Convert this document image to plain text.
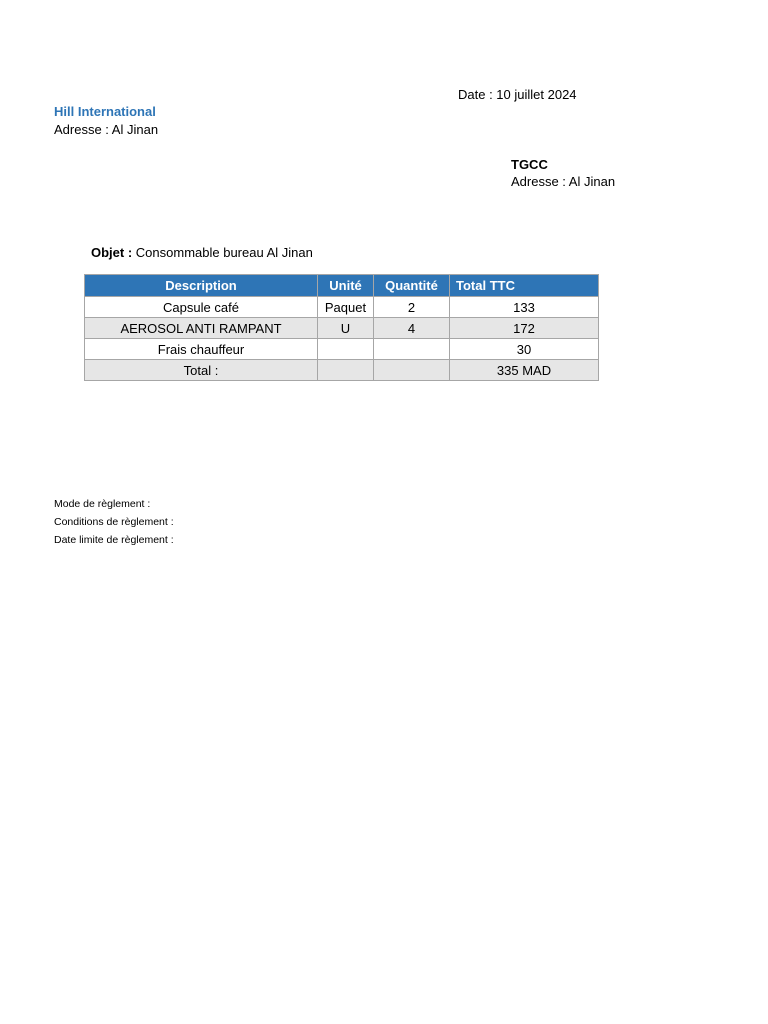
Date : 10 juillet 2024
Hill International
Adresse : Al Jinan
TGCC
Adresse : Al Jinan
Objet : Consommable bureau Al Jinan
Description	Unité	Quantité	Total TTC
Capsule café	Paquet	2	133
AEROSOL ANTI RAMPANT	U	4	172
Frais chauffeur			30
Total :			335 MAD
Mode de règlement :
Conditions de règlement :
Date limite de règlement :
